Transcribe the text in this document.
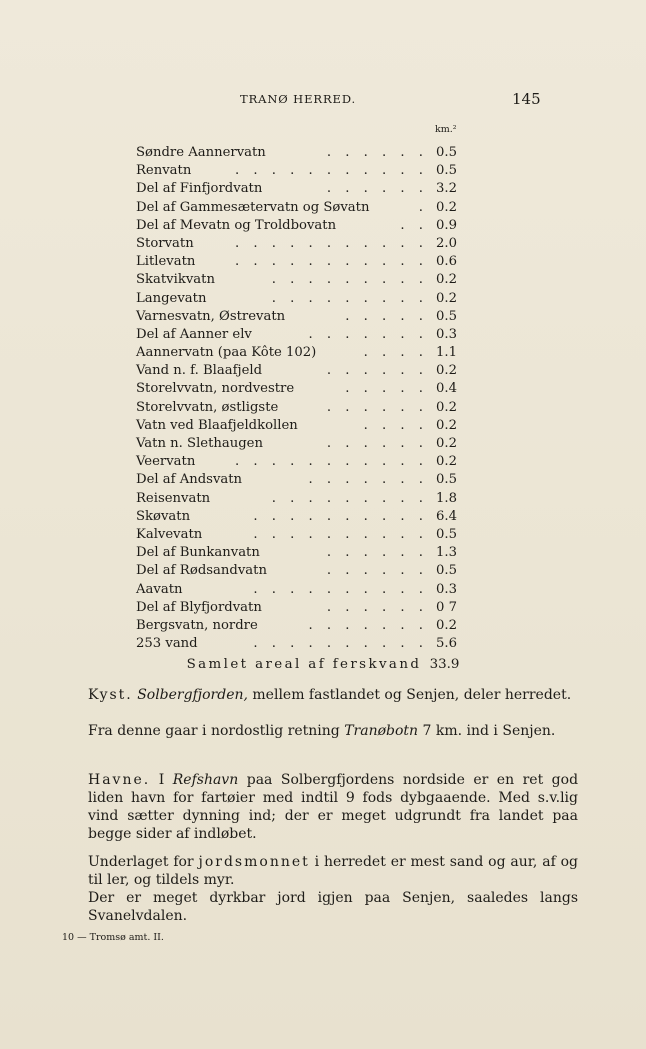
TRANØ HERRED.	145
km.²
Søndre Aannervatn	. . . . . . 0.5
Renvatn	. . . . . . . . . . . 0.5
Del af Finfjordvatn	. . . . . . 3.2
Del af Gammesætervatn og Søvatn	. 0.2
Del af Mevatn og Troldbovatn	. . 0.9
Storvatn	. . . . . . . . . . . 2.0
Litlevatn	. . . . . . . . . . . 0.6
Skatvikvatn	. . . . . . . . . 0.2
Langevatn	. . . . . . . . . 0.2
Varnesvatn, Østrevatn	. . . . . 0.5
Del af Aanner elv	. . . . . . . 0.3
Aannervatn (paa Kôte 102)	. . . . 1.1
Vand n. f. Blaafjeld	. . . . . . 0.2
Storelvvatn, nordvestre	. . . . . 0.4
Storelvvatn, østligste	. . . . . . 0.2
Vatn ved Blaafjeldkollen	. . . . 0.2
Vatn n. Slethaugen	. . . . . . 0.2
Veervatn	. . . . . . . . . . . 0.2
Del af Andsvatn	. . . . . . . 0.5
Reisenvatn	. . . . . . . . . 1.8
Skøvatn	. . . . . . . . . . 6.4
Kalvevatn	. . . . . . . . . . 0.5
Del af Bunkanvatn	. . . . . . 1.3
Del af Rødsandvatn	. . . . . . 0.5
Aavatn	. . . . . . . . . . 0.3
Del af Blyfjordvatn	. . . . . . 0 7
Bergsvatn, nordre	. . . . . . . 0.2
253 vand	. . . . . . . . . . 5.6
Samlet areal af ferskvand 33.9

Kyst. Solbergfjorden, mellem fastlandet og Senjen, deler herredet.

Fra denne gaar i nordostlig retning Tranøbotn 7 km. ind i Senjen.

Havne. I Refshavn paa Solbergfjordens nordside er en ret god liden havn for fartøier med indtil 9 fods dybgaaende. Med s.v.lig vind sætter dynning ind; der er meget udgrundt fra landet paa begge sider af indløbet.

Underlaget for jordsmonnet i herredet er mest sand og aur, af og til ler, og tildels myr.

Der er meget dyrkbar jord igjen paa Senjen, saaledes langs Svanelvdalen.

10 — Tromsø amt. II.
